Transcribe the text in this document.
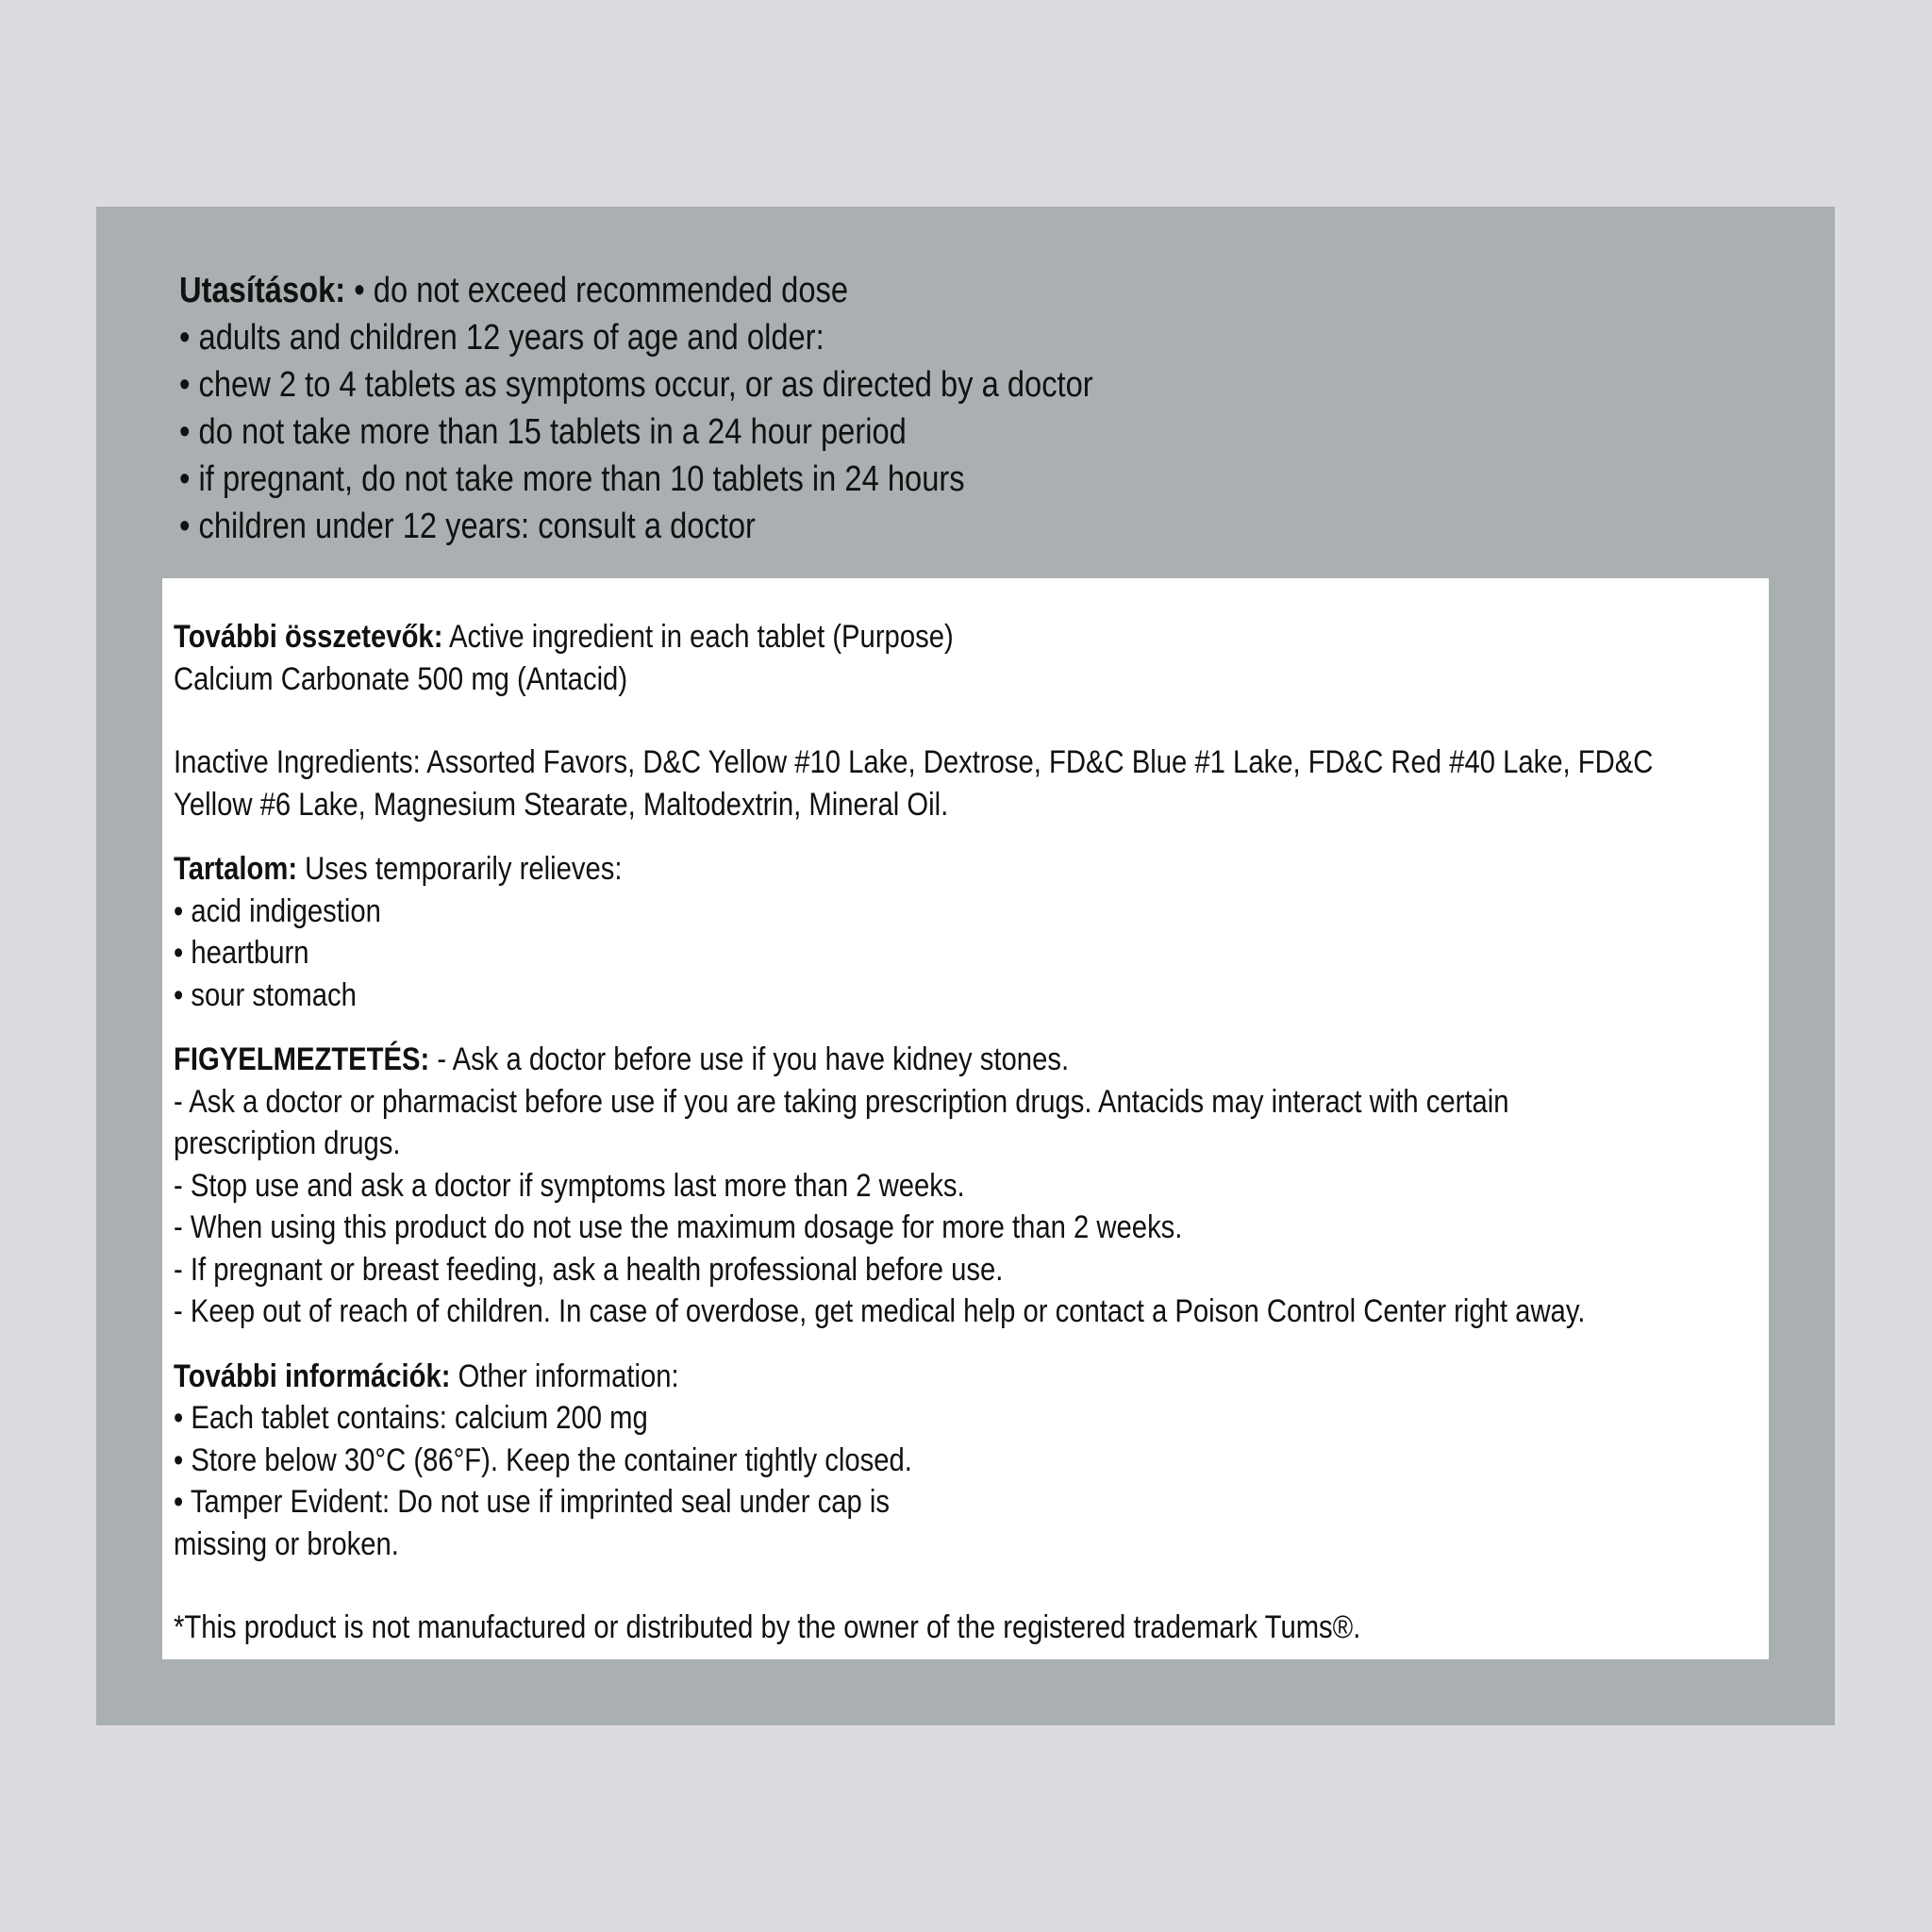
Utasítások: • do not exceed recommended dose
• adults and children 12 years of age and older:
• chew 2 to 4 tablets as symptoms occur, or as directed by a doctor
• do not take more than 15 tablets in a 24 hour period
• if pregnant, do not take more than 10 tablets in 24 hours
• children under 12 years: consult a doctor
További összetevők: Active ingredient in each tablet (Purpose)
Calcium Carbonate 500 mg (Antacid)
Inactive Ingredients: Assorted Favors, D&C Yellow #10 Lake, Dextrose, FD&C Blue #1 Lake, FD&C Red #40 Lake, FD&C
Yellow #6 Lake, Magnesium Stearate, Maltodextrin, Mineral Oil.
Tartalom: Uses temporarily relieves:
• acid indigestion
• heartburn
• sour stomach
FIGYELMEZTETÉS: - Ask a doctor before use if you have kidney stones.
- Ask a doctor or pharmacist before use if you are taking prescription drugs. Antacids may interact with certain
prescription drugs.
- Stop use and ask a doctor if symptoms last more than 2 weeks.
- When using this product do not use the maximum dosage for more than 2 weeks.
- If pregnant or breast feeding, ask a health professional before use.
- Keep out of reach of children. In case of overdose, get medical help or contact a Poison Control Center right away.
További információk: Other information:
• Each tablet contains: calcium 200 mg
• Store below 30°C (86°F). Keep the container tightly closed.
• Tamper Evident: Do not use if imprinted seal under cap is
missing or broken.
*This product is not manufactured or distributed by the owner of the registered trademark Tums®.
